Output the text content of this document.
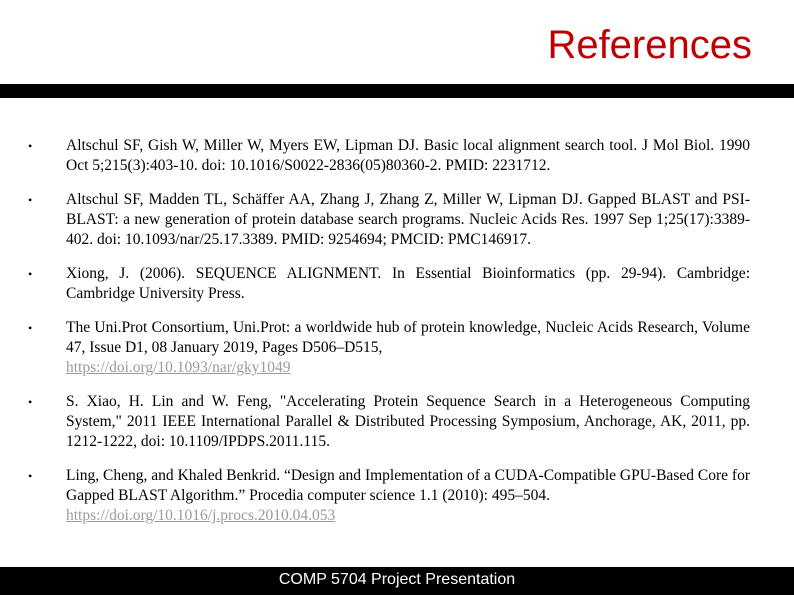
References
• Altschul SF, Gish W, Miller W, Myers EW, Lipman DJ. Basic local alignment search tool. J Mol Biol. 1990 Oct 5;215(3):403-10. doi: 10.1016/S0022-2836(05)80360-2. PMID: 2231712.
• Altschul SF, Madden TL, Schäffer AA, Zhang J, Zhang Z, Miller W, Lipman DJ. Gapped BLAST and PSI-BLAST: a new generation of protein database search programs. Nucleic Acids Res. 1997 Sep 1;25(17):3389-402. doi: 10.1093/nar/25.17.3389. PMID: 9254694; PMCID: PMC146917.
• Xiong, J. (2006). SEQUENCE ALIGNMENT. In Essential Bioinformatics (pp. 29-94). Cambridge: Cambridge University Press.
• The Uni.Prot Consortium, Uni.Prot: a worldwide hub of protein knowledge, Nucleic Acids Research, Volume 47, Issue D1, 08 January 2019, Pages D506–D515,
https://doi.org/10.1093/nar/gky1049
• S. Xiao, H. Lin and W. Feng, "Accelerating Protein Sequence Search in a Heterogeneous Computing System," 2011 IEEE International Parallel & Distributed Processing Symposium, Anchorage, AK, 2011, pp. 1212-1222, doi: 10.1109/IPDPS.2011.115.
• Ling, Cheng, and Khaled Benkrid. “Design and Implementation of a CUDA-Compatible GPU-Based Core for Gapped BLAST Algorithm.” Procedia computer science 1.1 (2010): 495–504.
https://doi.org/10.1016/j.procs.2010.04.053
COMP 5704 Project Presentation
